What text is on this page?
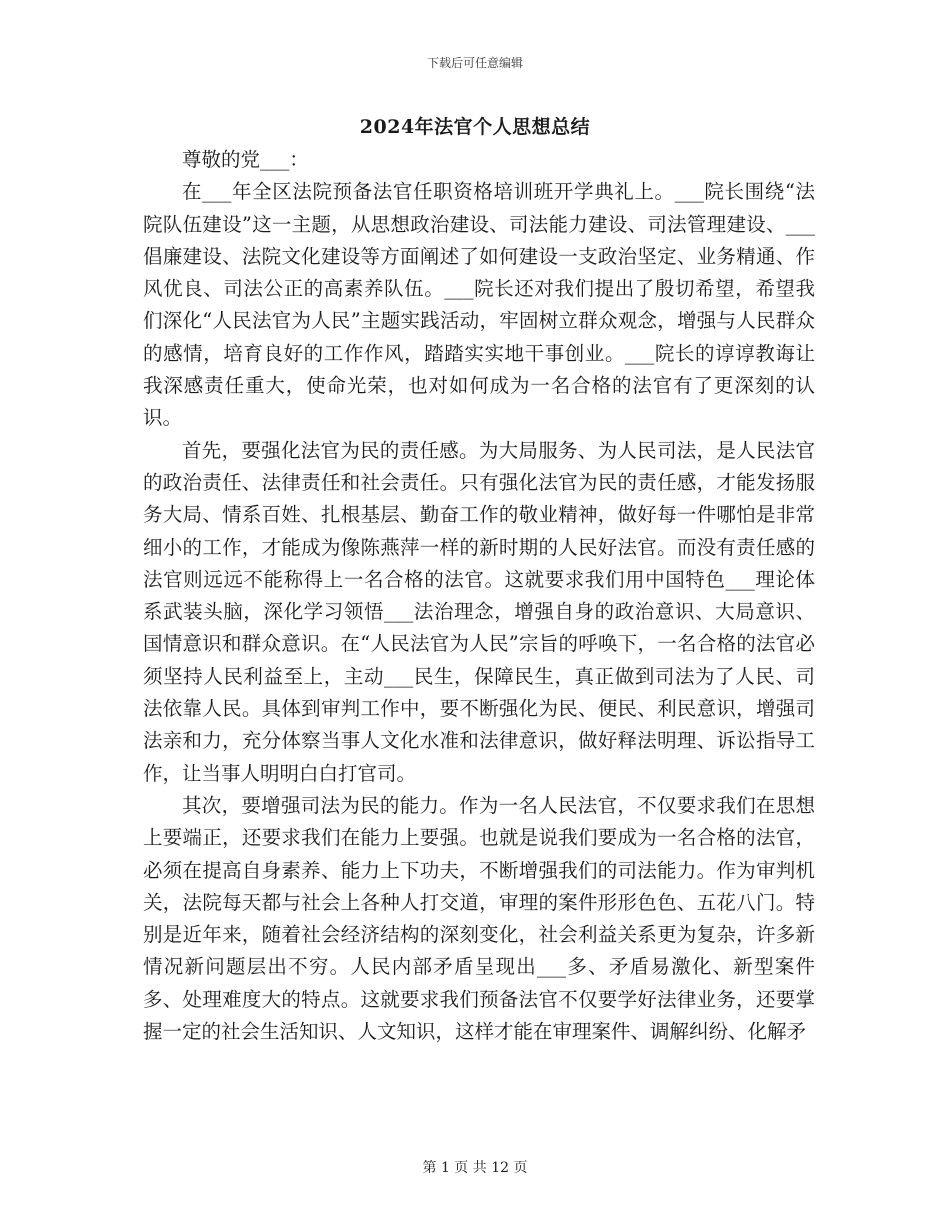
下载后可任意编辑
2024年法官个人思想总结

尊敬的党___：

在___年全区法院预备法官任职资格培训班开学典礼上。___院长围绕“法院队伍建设”这一主题，从思想政治建设、司法能力建设、司法管理建设、___倡廉建设、法院文化建设等方面阐述了如何建设一支政治坚定、业务精通、作风优良、司法公正的高素养队伍。___院长还对我们提出了殷切希望，希望我们深化“人民法官为人民”主题实践活动，牢固树立群众观念，增强与人民群众的感情，培育良好的工作作风，踏踏实实地干事创业。___院长的谆谆教诲让我深感责任重大，使命光荣，也对如何成为一名合格的法官有了更深刻的认识。

首先，要强化法官为民的责任感。为大局服务、为人民司法，是人民法官的政治责任、法律责任和社会责任。只有强化法官为民的责任感，才能发扬服务大局、情系百姓、扎根基层、勤奋工作的敬业精神，做好每一件哪怕是非常细小的工作，才能成为像陈燕萍一样的新时期的人民好法官。而没有责任感的法官则远远不能称得上一名合格的法官。这就要求我们用中国特色___理论体系武装头脑，深化学习领悟___法治理念，增强自身的政治意识、大局意识、国情意识和群众意识。在“人民法官为人民”宗旨的呼唤下，一名合格的法官必须坚持人民利益至上，主动___民生，保障民生，真正做到司法为了人民、司法依靠人民。具体到审判工作中，要不断强化为民、便民、利民意识，增强司法亲和力，充分体察当事人文化水准和法律意识，做好释法明理、诉讼指导工作，让当事人明明白白打官司。

其次，要增强司法为民的能力。作为一名人民法官，不仅要求我们在思想上要端正，还要求我们在能力上要强。也就是说我们要成为一名合格的法官，必须在提高自身素养、能力上下功夫，不断增强我们的司法能力。作为审判机关，法院每天都与社会上各种人打交道，审理的案件形形色色、五花八门。特别是近年来，随着社会经济结构的深刻变化，社会利益关系更为复杂，许多新情况新问题层出不穷。人民内部矛盾呈现出___多、矛盾易激化、新型案件多、处理难度大的特点。这就要求我们预备法官不仅要学好法律业务，还要掌握一定的社会生活知识、人文知识，这样才能在审理案件、调解纠纷、化解矛

第 1 页 共 12 页
